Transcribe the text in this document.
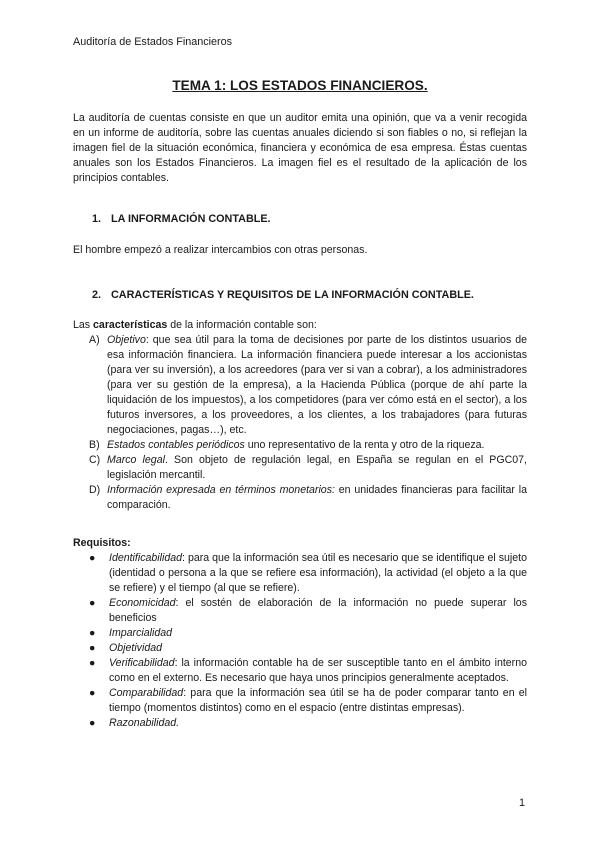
Auditoría de Estados Financieros
TEMA 1: LOS ESTADOS FINANCIEROS.
La auditoría de cuentas consiste en que un auditor emita una opinión, que va a venir recogida en un informe de auditoría, sobre las cuentas anuales diciendo si son fiables o no, si reflejan la imagen fiel de la situación económica, financiera y económica de esa empresa. Éstas cuentas anuales son los Estados Financieros. La imagen fiel es el resultado de la aplicación de los principios contables.
1. LA INFORMACIÓN CONTABLE.
El hombre empezó a realizar intercambios con otras personas.
2. CARACTERÍSTICAS Y REQUISITOS DE LA INFORMACIÓN CONTABLE.
Las características de la información contable son:
A) Objetivo: que sea útil para la toma de decisiones por parte de los distintos usuarios de esa información financiera. La información financiera puede interesar a los accionistas (para ver su inversión), a los acreedores (para ver si van a cobrar), a los administradores (para ver su gestión de la empresa), a la Hacienda Pública (porque de ahí parte la liquidación de los impuestos), a los competidores (para ver cómo está en el sector), a los futuros inversores, a los proveedores, a los clientes, a los trabajadores (para futuras negociaciones, pagas…), etc.
B) Estados contables periódicos uno representativo de la renta y otro de la riqueza.
C) Marco legal. Son objeto de regulación legal, en España se regulan en el PGC07, legislación mercantil.
D) Información expresada en términos monetarios: en unidades financieras para facilitar la comparación.
Requisitos:
● Identificabilidad: para que la información sea útil es necesario que se identifique el sujeto (identidad o persona a la que se refiere esa información), la actividad (el objeto a la que se refiere) y el tiempo (al que se refiere).
● Economicidad: el sostén de elaboración de la información no puede superar los beneficios
● Imparcialidad
● Objetividad
● Verificabilidad: la información contable ha de ser susceptible tanto en el ámbito interno como en el externo. Es necesario que haya unos principios generalmente aceptados.
● Comparabilidad: para que la información sea útil se ha de poder comparar tanto en el tiempo (momentos distintos) como en el espacio (entre distintas empresas).
● Razonabilidad.
1
